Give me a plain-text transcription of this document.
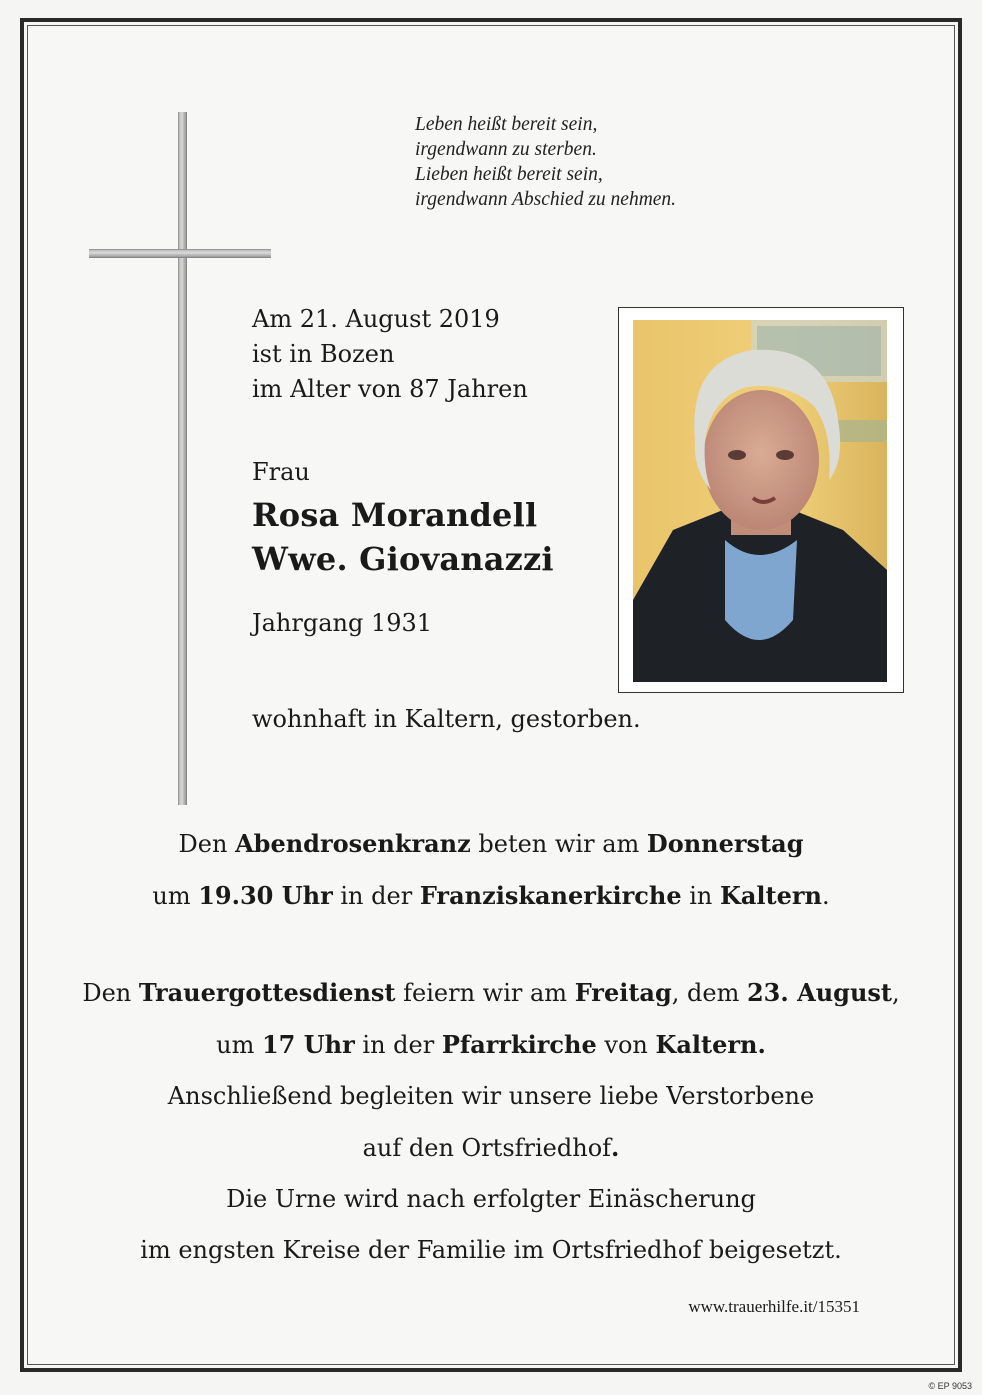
Leben heißt bereit sein,
irgendwann zu sterben.
Lieben heißt bereit sein,
irgendwann Abschied zu nehmen.
Am 21. August 2019
ist in Bozen
im Alter von 87 Jahren
Frau
Rosa Morandell
Wwe. Giovanazzi
Jahrgang 1931
wohnhaft in Kaltern, gestorben.
Den Abendrosenkranz beten wir am Donnerstag
um 19.30 Uhr in der Franziskanerkirche in Kaltern.
Den Trauergottesdienst feiern wir am Freitag, dem 23. August,
um 17 Uhr in der Pfarrkirche von Kaltern.
Anschließend begleiten wir unsere liebe Verstorbene
auf den Ortsfriedhof.
Die Urne wird nach erfolgter Einäscherung
im engsten Kreise der Familie im Ortsfriedhof beigesetzt.
www.trauerhilfe.it/15351
© EP 9053
